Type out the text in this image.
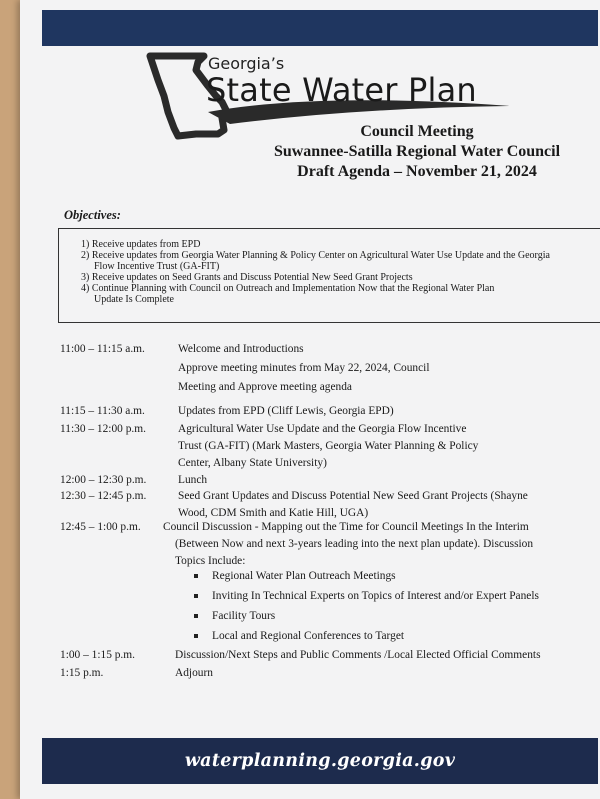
Georgia’s
State Water Plan
Council Meeting
Suwannee-Satilla Regional Water Council
Draft Agenda – November 21, 2024
Objectives:
1) Receive updates from EPD
2) Receive updates from Georgia Water Planning & Policy Center on Agricultural Water Use Update and the Georgia
Flow Incentive Trust (GA-FIT)
3) Receive updates on Seed Grants and Discuss Potential New Seed Grant Projects
4) Continue Planning with Council on Outreach and Implementation Now that the Regional Water Plan
Update Is Complete
11:00 – 11:15 a.m.	Welcome and Introductions
Approve meeting minutes from May 22, 2024, Council
Meeting and Approve meeting agenda
11:15 – 11:30 a.m.	Updates from EPD (Cliff Lewis, Georgia EPD)
11:30 – 12:00 p.m.	Agricultural Water Use Update and the Georgia Flow Incentive
Trust (GA-FIT) (Mark Masters, Georgia Water Planning & Policy
Center, Albany State University)
12:00 – 12:30 p.m.	Lunch
12:30 – 12:45 p.m.	Seed Grant Updates and Discuss Potential New Seed Grant Projects (Shayne
Wood, CDM Smith and Katie Hill, UGA)
12:45 – 1:00 p.m. Council Discussion - Mapping out the Time for Council Meetings In the Interim
(Between Now and next 3-years leading into the next plan update). Discussion
Topics Include:
1:00 – 1:15 p.m.	Discussion/Next Steps and Public Comments /Local Elected Official Comments
1:15 p.m.	Adjourn
Regional Water Plan Outreach Meetings
Inviting In Technical Experts on Topics of Interest and/or Expert Panels
Facility Tours
Local and Regional Conferences to Target
waterplanning.georgia.gov
